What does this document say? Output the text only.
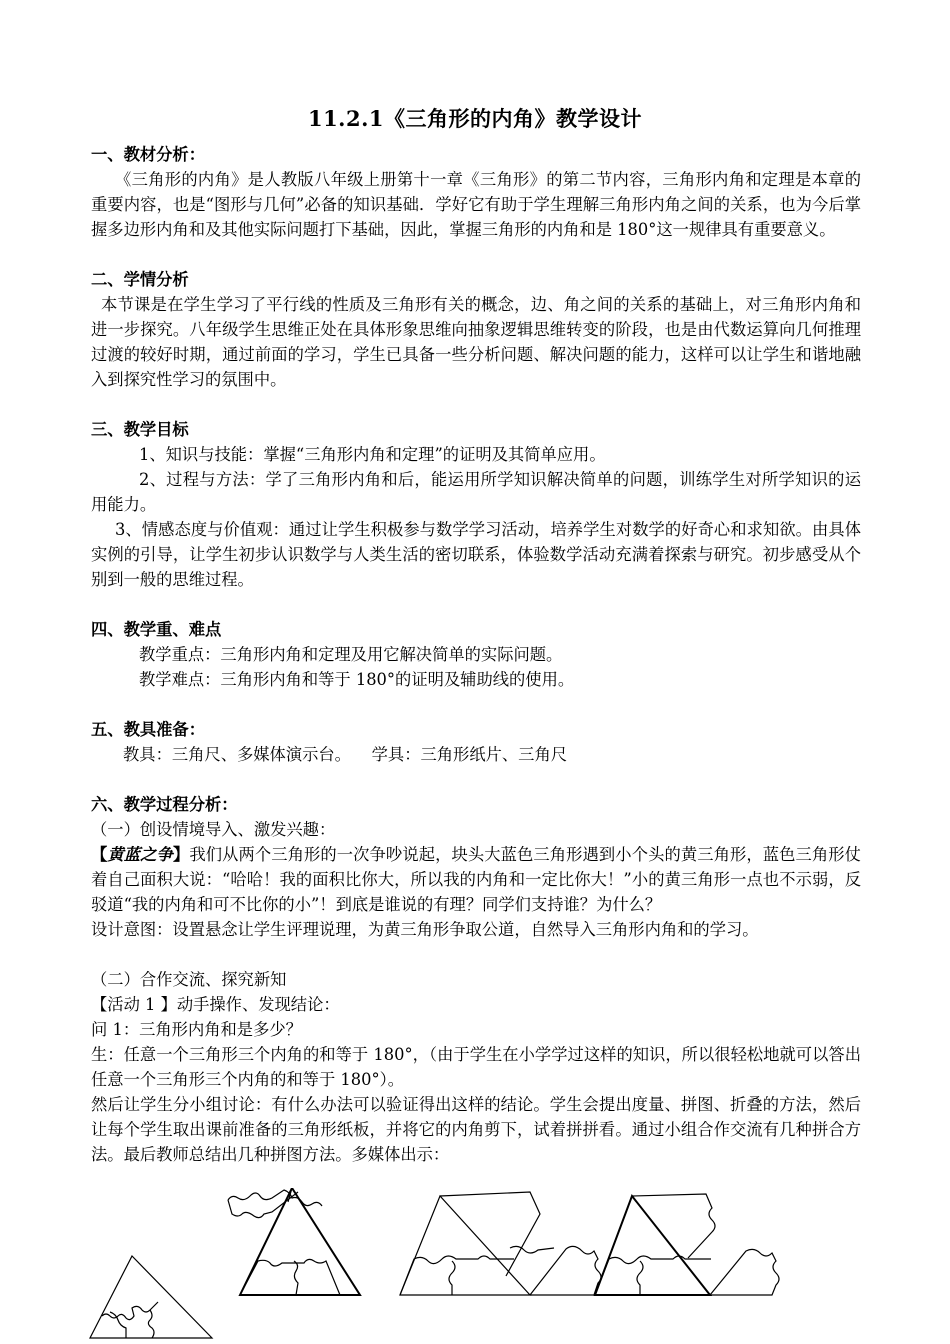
11.2.1《三角形的内角》教学设计

一、教材分析：

《三角形的内角》是人教版八年级上册第十一章《三角形》的第二节内容，三角形内角和定理是本章的重要内容，也是“图形与几何”必备的知识基础．学好它有助于学生理解三角形内角之间的关系，也为今后掌握多边形内角和及其他实际问题打下基础，因此，掌握三角形的内角和是 180°这一规律具有重要意义。

二、学情分析

本节课是在学生学习了平行线的性质及三角形有关的概念，边、角之间的关系的基础上，对三角形内角和进一步探究。八年级学生思维正处在具体形象思维向抽象逻辑思维转变的阶段，也是由代数运算向几何推理过渡的较好时期，通过前面的学习，学生已具备一些分析问题、解决问题的能力，这样可以让学生和谐地融入到探究性学习的氛围中。

三、教学目标

1、知识与技能：掌握“三角形内角和定理”的证明及其简单应用。

2、过程与方法：学了三角形内角和后，能运用所学知识解决简单的问题，训练学生对所学知识的运用能力。

3、情感态度与价值观：通过让学生积极参与数学学习活动，培养学生对数学的好奇心和求知欲。由具体实例的引导，让学生初步认识数学与人类生活的密切联系，体验数学活动充满着探索与研究。初步感受从个别到一般的思维过程。

四、教学重、难点

教学重点：三角形内角和定理及用它解决简单的实际问题。

教学难点：三角形内角和等于 180°的证明及辅助线的使用。

五、教具准备：

教具：三角尺、多媒体演示台。    学具：三角形纸片、三角尺

六、教学过程分析：

（一）创设情境导入、激发兴趣：

【黄蓝之争】我们从两个三角形的一次争吵说起，块头大蓝色三角形遇到小个头的黄三角形，蓝色三角形仗着自己面积大说：“哈哈！我的面积比你大，所以我的内角和一定比你大！”小的黄三角形一点也不示弱，反驳道“我的内角和可不比你的小”！到底是谁说的有理？同学们支持谁？为什么？

设计意图：设置悬念让学生评理说理，为黄三角形争取公道，自然导入三角形内角和的学习。

（二）合作交流、探究新知

【活动 1 】动手操作、发现结论：

问 1：三角形内角和是多少？

生：任意一个三角形三个内角的和等于 180°，（由于学生在小学学过这样的知识，所以很轻松地就可以答出任意一个三角形三个内角的和等于 180°）。

然后让学生分小组讨论：有什么办法可以验证得出这样的结论。学生会提出度量、拼图、折叠的方法，然后让每个学生取出课前准备的三角形纸板，并将它的内角剪下，试着拼拼看。通过小组合作交流有几种拼合方法。最后教师总结出几种拼图方法。多媒体出示：
